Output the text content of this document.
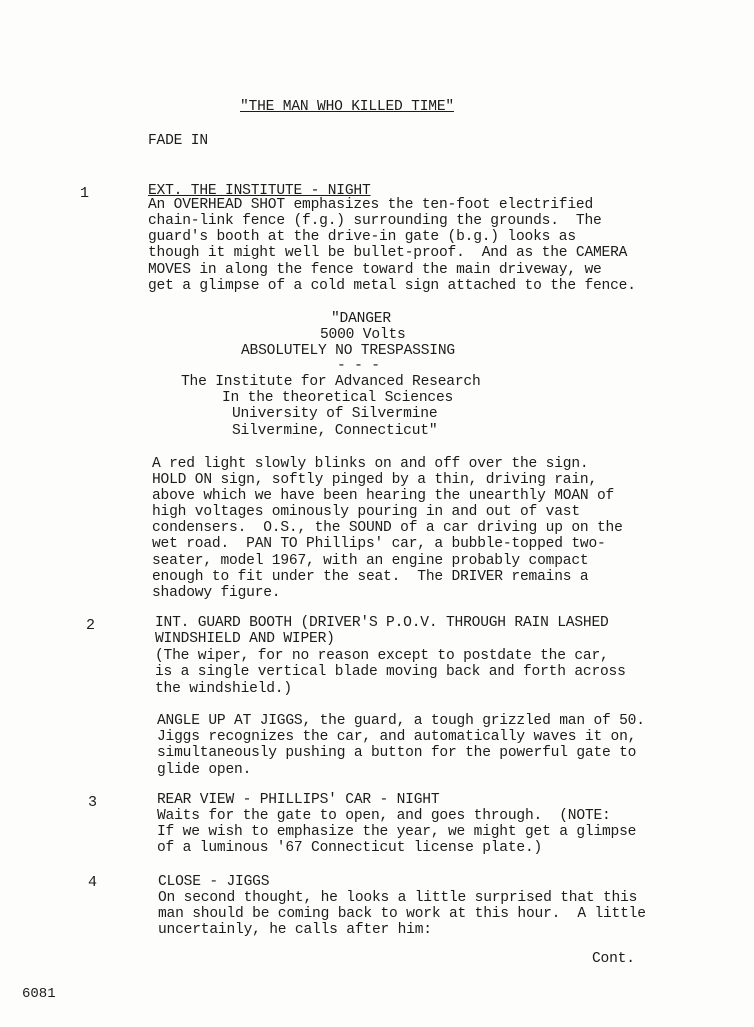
"THE MAN WHO KILLED TIME"

FADE IN

1	EXT. THE INSTITUTE - NIGHT

An OVERHEAD SHOT emphasizes the ten-foot electrified

chain-link fence (f.g.) surrounding the grounds.  The

guard's booth at the drive-in gate (b.g.) looks as

though it might well be bullet-proof.  And as the CAMERA

MOVES in along the fence toward the main driveway, we

get a glimpse of a cold metal sign attached to the fence.

"DANGER

5000 Volts

ABSOLUTELY NO TRESPASSING

- - -

The Institute for Advanced Research

In the theoretical Sciences

University of Silvermine

Silvermine, Connecticut"

A red light slowly blinks on and off over the sign.

HOLD ON sign, softly pinged by a thin, driving rain,

above which we have been hearing the unearthly MOAN of

high voltages ominously pouring in and out of vast

condensers.  O.S., the SOUND of a car driving up on the

wet road.  PAN TO Phillips' car, a bubble-topped two-

seater, model 1967, with an engine probably compact

enough to fit under the seat.  The DRIVER remains a

shadowy figure.

2	INT. GUARD BOOTH (DRIVER'S P.O.V. THROUGH RAIN LASHED

WINDSHIELD AND WIPER)

(The wiper, for no reason except to postdate the car,

is a single vertical blade moving back and forth across

the windshield.)

ANGLE UP AT JIGGS, the guard, a tough grizzled man of 50.

Jiggs recognizes the car, and automatically waves it on,

simultaneously pushing a button for the powerful gate to

glide open.

3	REAR VIEW - PHILLIPS' CAR - NIGHT

Waits for the gate to open, and goes through.  (NOTE:

If we wish to emphasize the year, we might get a glimpse

of a luminous '67 Connecticut license plate.)

4	CLOSE - JIGGS

On second thought, he looks a little surprised that this

man should be coming back to work at this hour.  A little

uncertainly, he calls after him:

Cont.

6081
